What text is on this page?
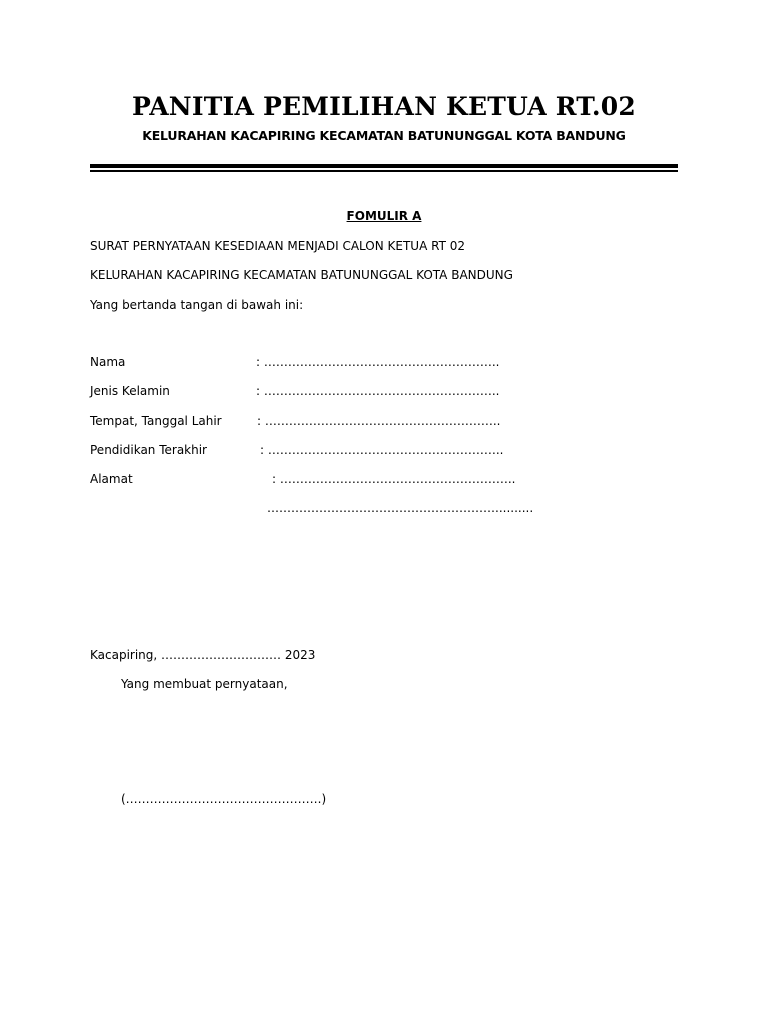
PANITIA PEMILIHAN KETUA RT.02
KELURAHAN KACAPIRING KECAMATAN BATUNUNGGAL KOTA BANDUNG
FOMULIR A
SURAT PERNYATAAN KESEDIAAN MENJADI CALON KETUA RT 02
KELURAHAN KACAPIRING KECAMATAN BATUNUNGGAL KOTA BANDUNG
Yang bertanda tangan di bawah ini:
Nama	: …………………………………………………..
Jenis Kelamin	: …………………………………………………..
Tempat, Tanggal Lahir	: …………………………………………………..
Pendidikan Terakhir	: …………………………………………………..
Alamat	: …………………………………………………..
…………………………………………………..........
Kacapiring, ………………………… 2023
Yang membuat pernyataan,
(………………………………………….)
